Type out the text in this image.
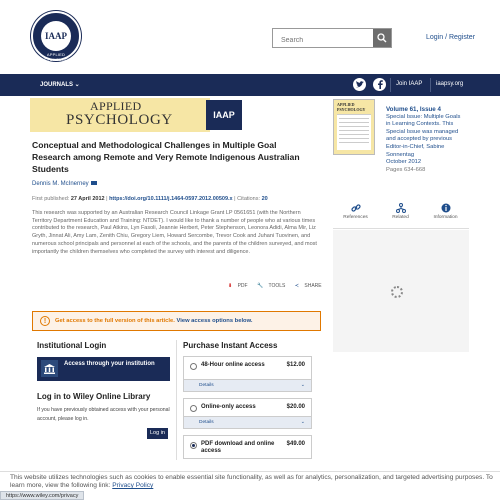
IAAP
APPLIED PSYCHOLOGY
Search
Login / Register
JOURNALS ⌄	Join IAAP iaapsy.org
APPLIED
PSYCHOLOGY	IAAP
Conceptual and Methodological Challenges in Multiple Goal Research among Remote and Very Remote Indigenous Australian Students
Dennis M. McInerney
First published: 27 April 2012 | https://doi.org/10.1111/j.1464-0597.2012.00509.x | Citations: 20
This research was supported by an Australian Research Council Linkage Grant LP 0561651 (with the Northern Territory Department Education and Training: NTDET). I would like to thank a number of people who at various times contributed to the research, Paul Atkins, Lyn Fasoli, Jeannie Herbert, Peter Stephenson, Leonora Adidi, Alma Mir, Liz Gryth, Jinnat Ali, Amy Lam, Zenith Chiu, Gregory Liem, Howard Sercombe, Trevor Cook and Juhani Tuovinen, and numerous school principals and personnel at each of the schools, and the parents of the children surveyed, and most importantly the children themselves who completed the survey with interest and diligence.
⬇ PDF 🔧 TOOLS ≺ SHARE
!	Get access to the full version of this article. View access options below.
Institutional Login
Access through your institution
Log in to Wiley Online Library
If you have previously obtained access with your personal account, please log in.
Log in
Purchase Instant Access
48-Hour online access	$12.00
Details	⌄
Online-only access	$20.00
Details	⌄
PDF download and online access
$49.00
APPLIED PSYCHOLOGY	Volume 61, Issue 4
Special Issue: Multiple Goals in Learning Contexts. This Special Issue was managed and accepted by previous Editor-in-Chief, Sabine Sonnentag
October 2012
Pages 634-668
References	Related	Information
This website utilizes technologies such as cookies to enable essential site functionality, as well as for analytics, personalization, and targeted advertising purposes. To learn more, view the following link: Privacy Policy
https://www.wiley.com/privacy
